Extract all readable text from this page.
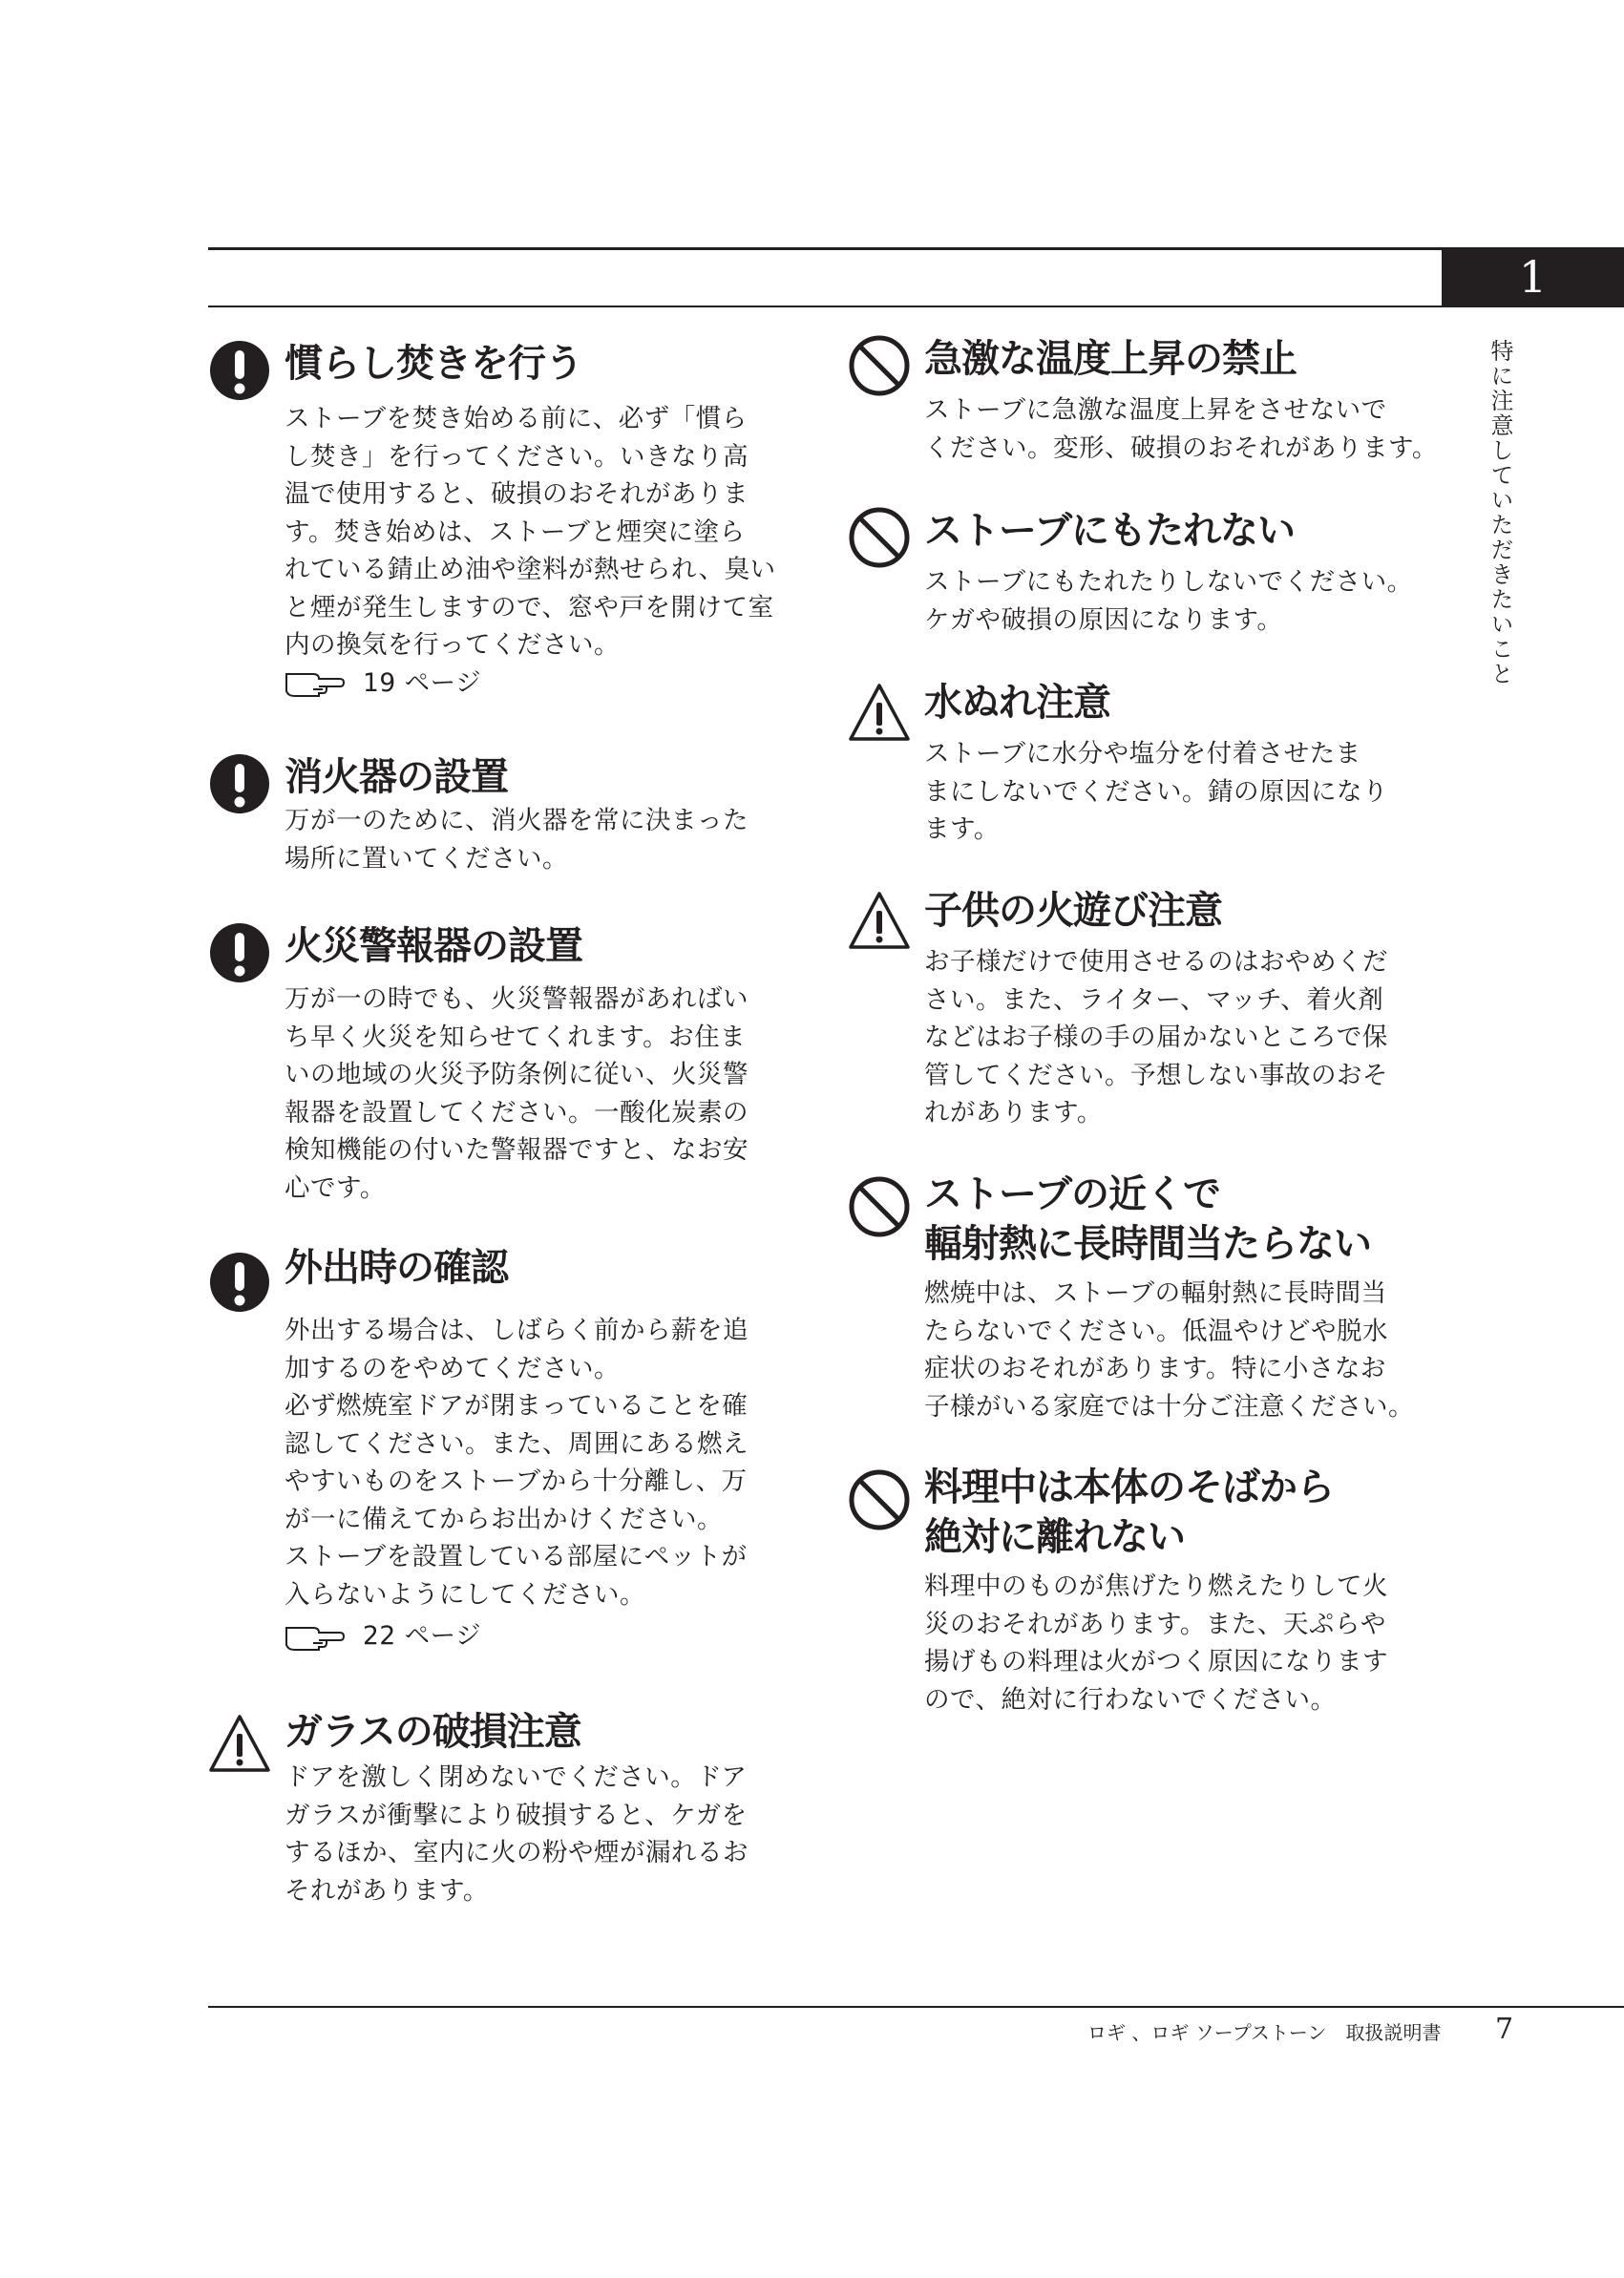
1
特に注意していただきたいこと
慣らし焚きを行う
ストーブを焚き始める前に、必ず「慣ら
し焚き」を行ってください。いきなり高
温で使用すると、破損のおそれがありま
す。焚き始めは、ストーブと煙突に塗ら
れている錆止め油や塗料が熱せられ、臭い
と煙が発生しますので、窓や戸を開けて室
内の換気を行ってください。
19 ページ
消火器の設置
万が一のために、消火器を常に決まった
場所に置いてください。
火災警報器の設置
万が一の時でも、火災警報器があればい
ち早く火災を知らせてくれます。お住ま
いの地域の火災予防条例に従い、火災警
報器を設置してください。一酸化炭素の
検知機能の付いた警報器ですと、なお安
心です。
外出時の確認
外出する場合は、しばらく前から薪を追
加するのをやめてください。
必ず燃焼室ドアが閉まっていることを確
認してください。また、周囲にある燃え
やすいものをストーブから十分離し、万
が一に備えてからお出かけください。
ストーブを設置している部屋にペットが
入らないようにしてください。
22 ページ
ガラスの破損注意
ドアを激しく閉めないでください。ドア
ガラスが衝撃により破損すると、ケガを
するほか、室内に火の粉や煙が漏れるお
それがあります。
急激な温度上昇の禁止
ストーブに急激な温度上昇をさせないで
ください。変形、破損のおそれがあります。
ストーブにもたれない
ストーブにもたれたりしないでください。
ケガや破損の原因になります。
水ぬれ注意
ストーブに水分や塩分を付着させたま
まにしないでください。錆の原因になり
ます。
子供の火遊び注意
お子様だけで使用させるのはおやめくだ
さい。また、ライター、マッチ、着火剤
などはお子様の手の届かないところで保
管してください。予想しない事故のおそ
れがあります。
ストーブの近くで
輻射熱に長時間当たらない
燃焼中は、ストーブの輻射熱に長時間当
たらないでください。低温やけどや脱水
症状のおそれがあります。特に小さなお
子様がいる家庭では十分ご注意ください。
料理中は本体のそばから
絶対に離れない
料理中のものが焦げたり燃えたりして火
災のおそれがあります。また、天ぷらや
揚げもの料理は火がつく原因になります
ので、絶対に行わないでください。
ロギ 、ロギ ソープストーン　取扱説明書 7
